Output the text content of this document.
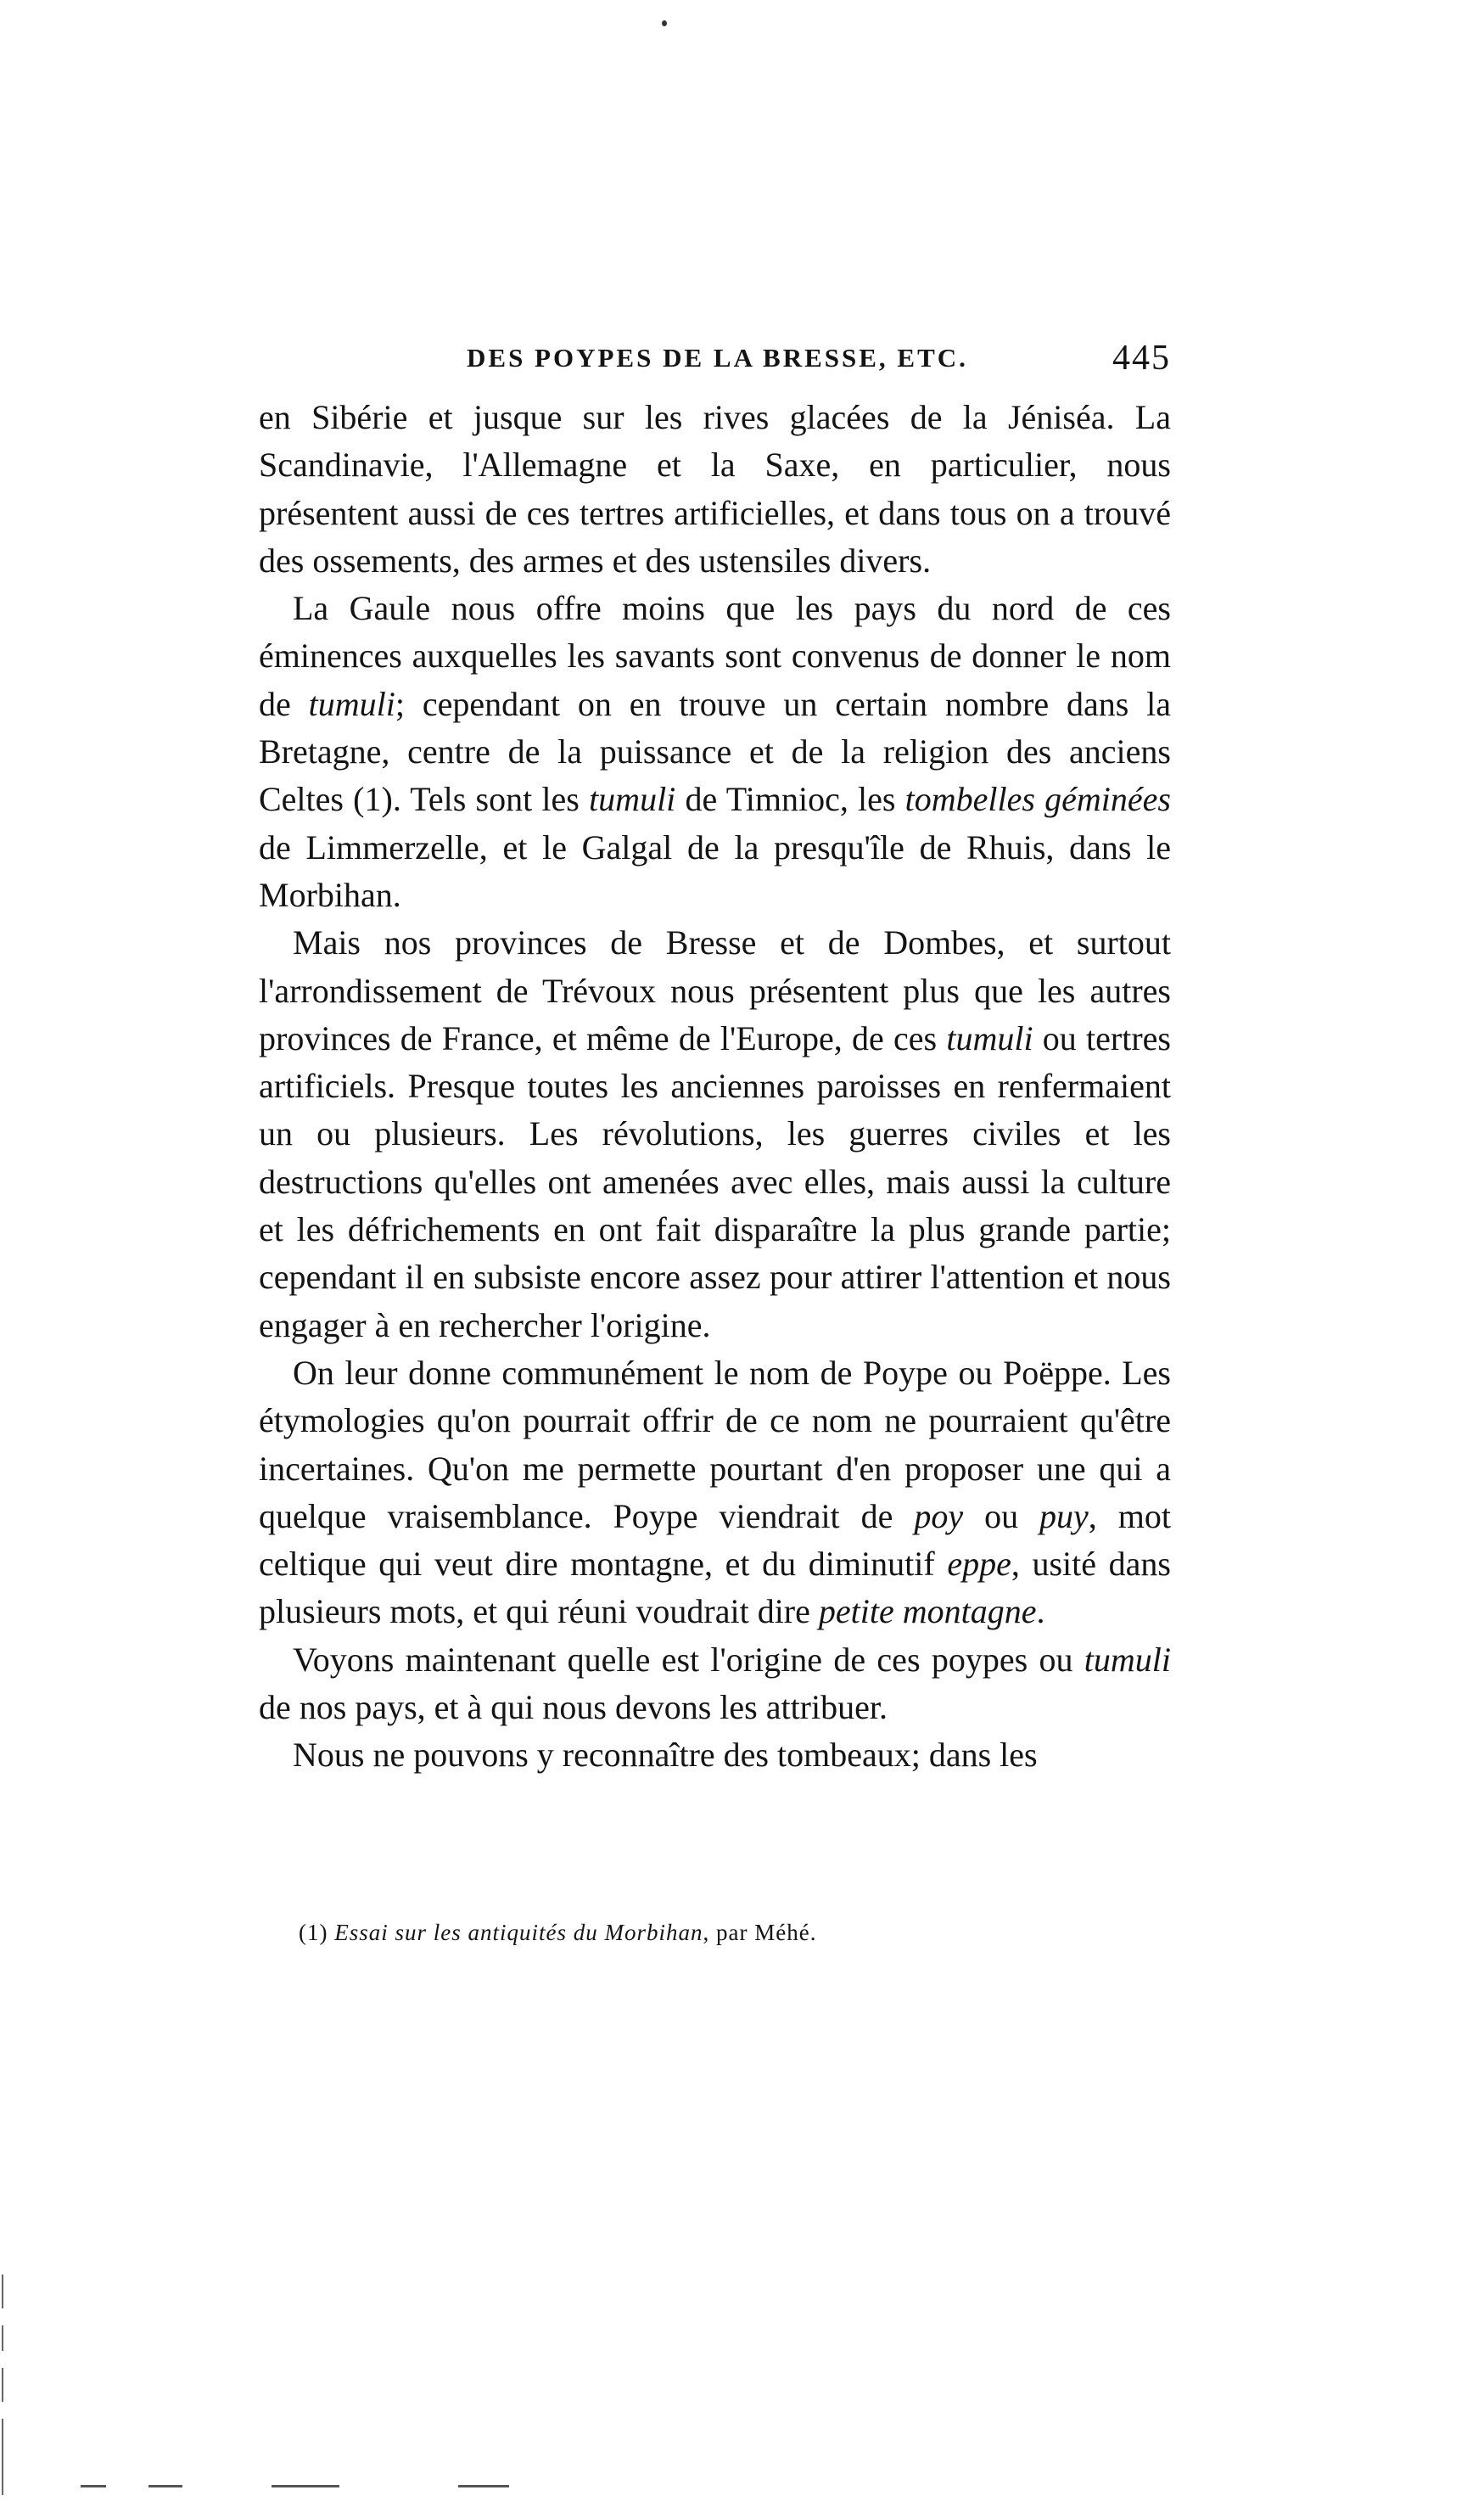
DES POYPES DE LA BRESSE, ETC.	445

en Sibérie et jusque sur les rives glacées de la Jéniséa. La Scandinavie, l'Allemagne et la Saxe, en particulier, nous présentent aussi de ces tertres artificielles, et dans tous on a trouvé des ossements, des armes et des ustensiles divers.

La Gaule nous offre moins que les pays du nord de ces éminences auxquelles les savants sont convenus de donner le nom de tumuli; cependant on en trouve un certain nombre dans la Bretagne, centre de la puissance et de la religion des anciens Celtes (1). Tels sont les tumuli de Timnioc, les tombelles géminées de Limmerzelle, et le Galgal de la presqu'île de Rhuis, dans le Morbihan.

Mais nos provinces de Bresse et de Dombes, et surtout l'arrondissement de Trévoux nous présentent plus que les autres provinces de France, et même de l'Europe, de ces tumuli ou tertres artificiels. Presque toutes les anciennes paroisses en renfermaient un ou plusieurs. Les révolutions, les guerres civiles et les destructions qu'elles ont amenées avec elles, mais aussi la culture et les défrichements en ont fait disparaître la plus grande partie; cependant il en subsiste encore assez pour attirer l'attention et nous engager à en rechercher l'origine.

On leur donne communément le nom de Poype ou Poëppe. Les étymologies qu'on pourrait offrir de ce nom ne pourraient qu'être incertaines. Qu'on me permette pourtant d'en proposer une qui a quelque vraisemblance. Poype viendrait de poy ou puy, mot celtique qui veut dire montagne, et du diminutif eppe, usité dans plusieurs mots, et qui réuni voudrait dire petite montagne.

Voyons maintenant quelle est l'origine de ces poypes ou tumuli de nos pays, et à qui nous devons les attribuer.

Nous ne pouvons y reconnaître des tombeaux; dans les

(1) Essai sur les antiquités du Morbihan, par Méhé.
